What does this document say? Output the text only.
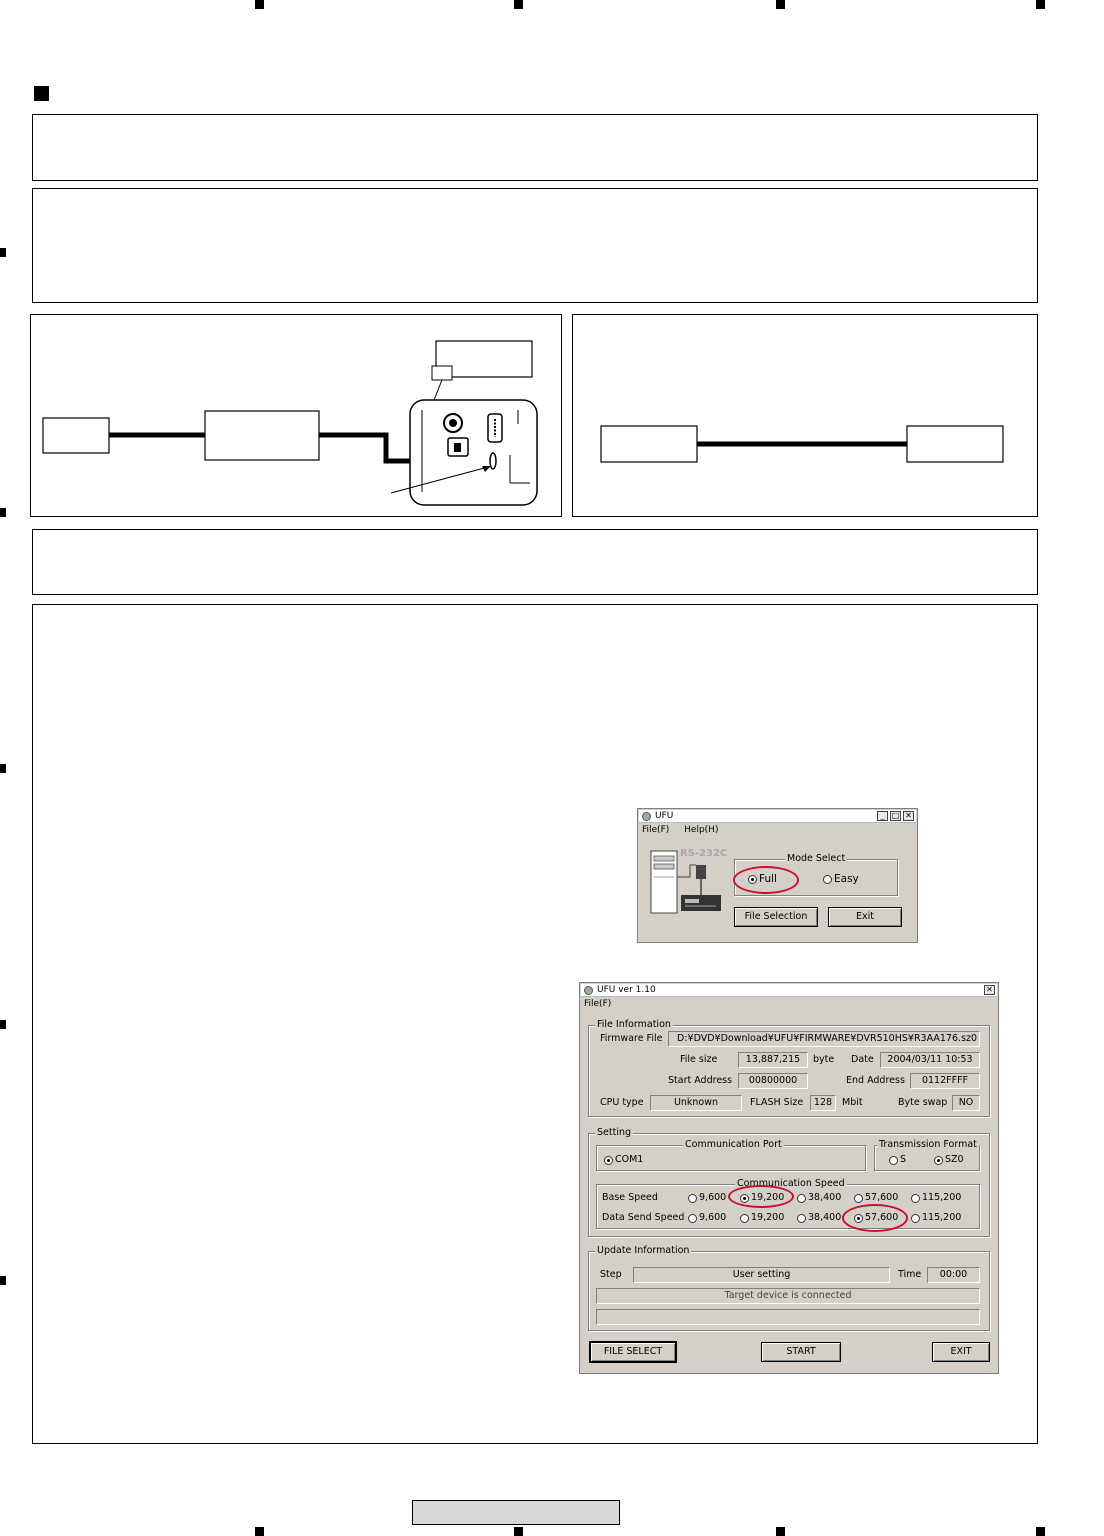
UFU	_ □ ✕
File(F) Help(H)
RS-232C	Mode Select
Full	Easy
File Selection	Exit
UFU ver 1.10	✕
File(F)
File Information
Firmware File	D:¥DVD¥Download¥UFU¥FIRMWARE¥DVR510HS¥R3AA176.sz0
File size	13,887,215	byte Date	2004/03/11 10:53
Start Address	00800000	End Address	0112FFFF
CPU type	Unknown	FLASH Size	128	Mbit	Byte swap	NO
Setting
Communication Port
COM1
Transmission Format
S	SZ0
Communication Speed
Base Speed	9,600	19,200	38,400	57,600	115,200
Data Send Speed	9,600	19,200	38,400	57,600	115,200
Update Information
Step	User setting	Time	00:00
Target device is connected
FILE SELECT	START	EXIT
